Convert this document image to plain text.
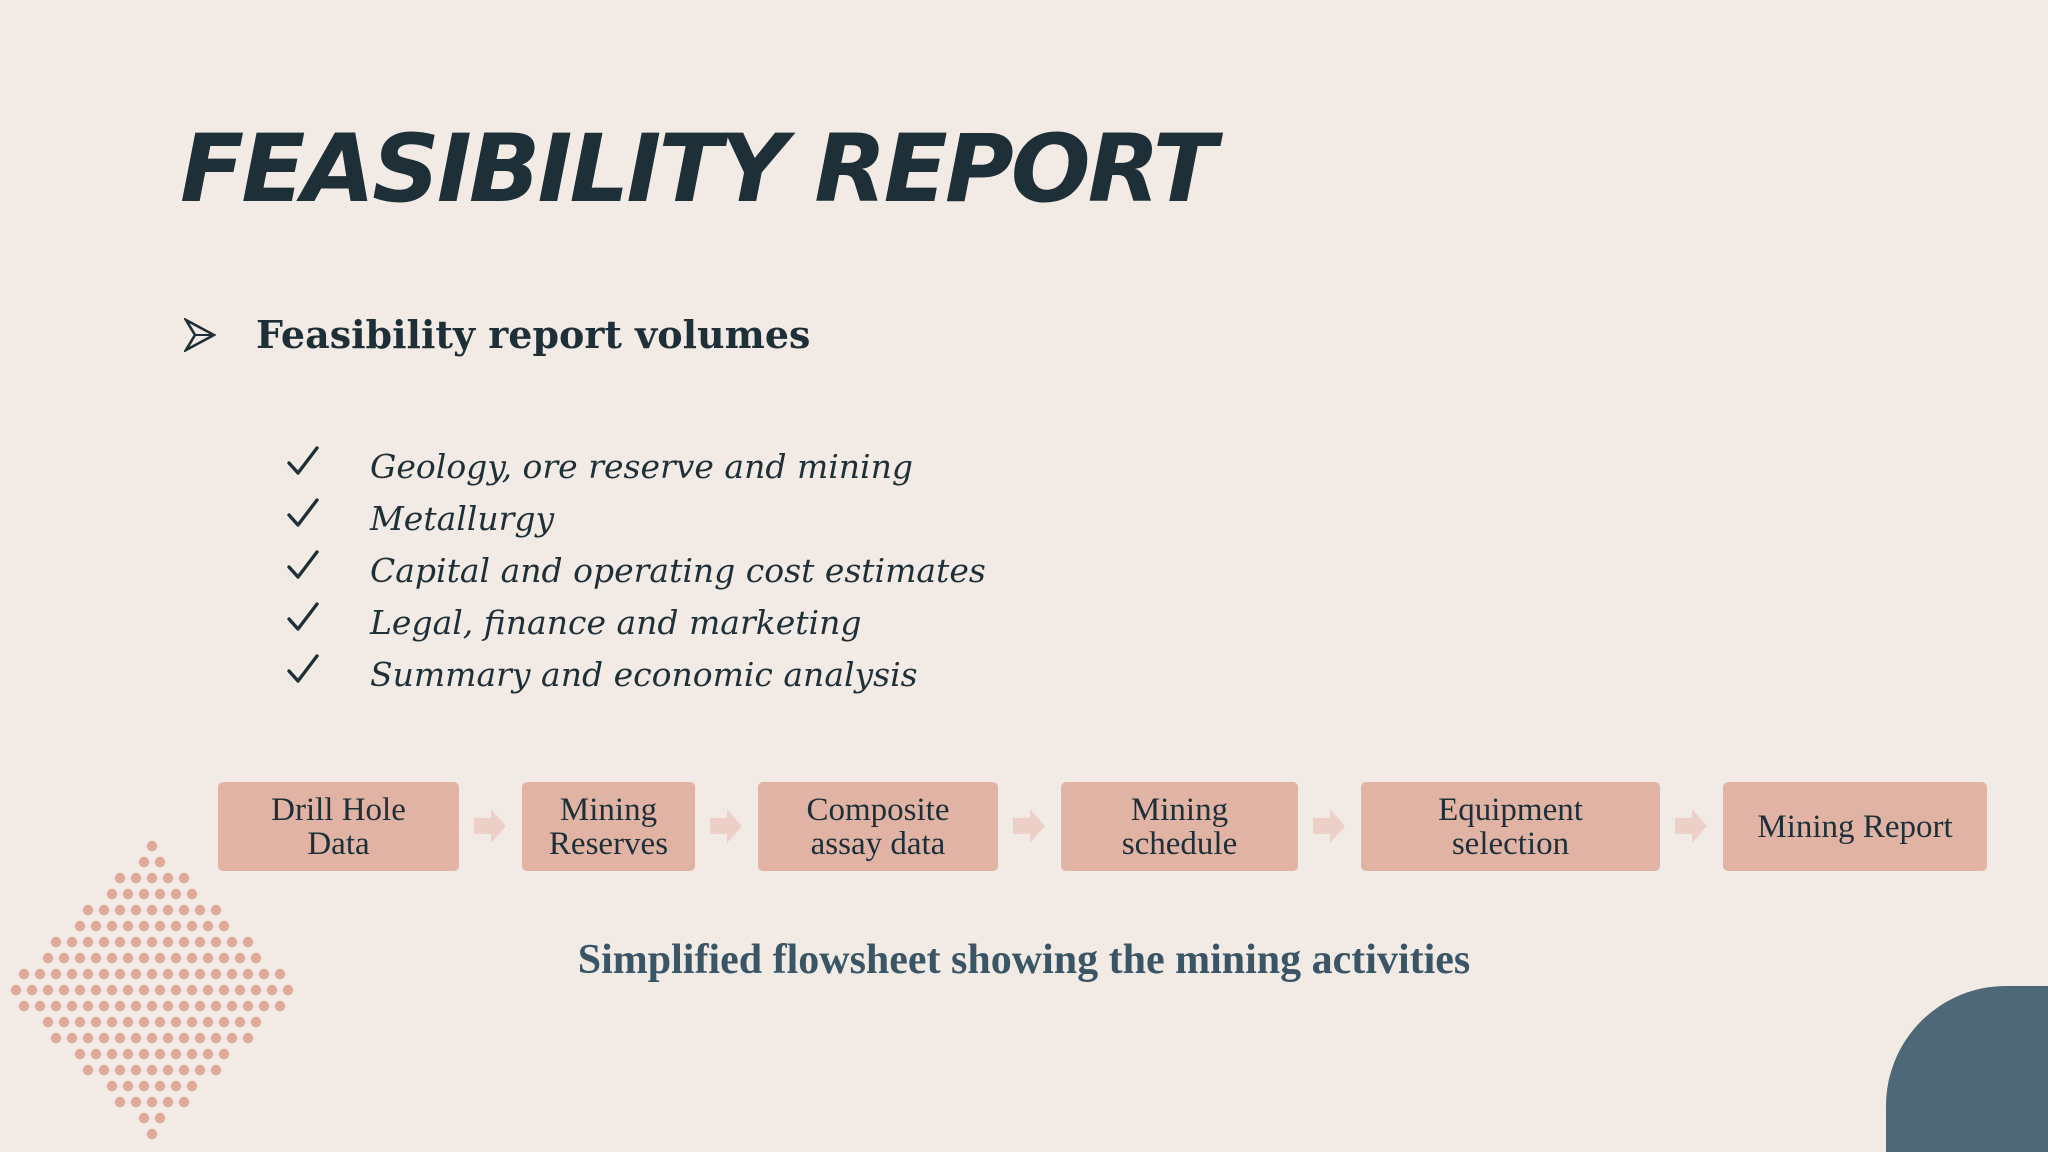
FEASIBILITY REPORT
Feasibility report volumes
Geology, ore reserve and mining
Metallurgy
Capital and operating cost estimates
Legal, finance and marketing
Summary and economic analysis
Drill Hole
Data
Mining
Reserves
Composite
assay data
Mining
schedule
Equipment
selection	Mining Report
Simplified flowsheet showing the mining activities
